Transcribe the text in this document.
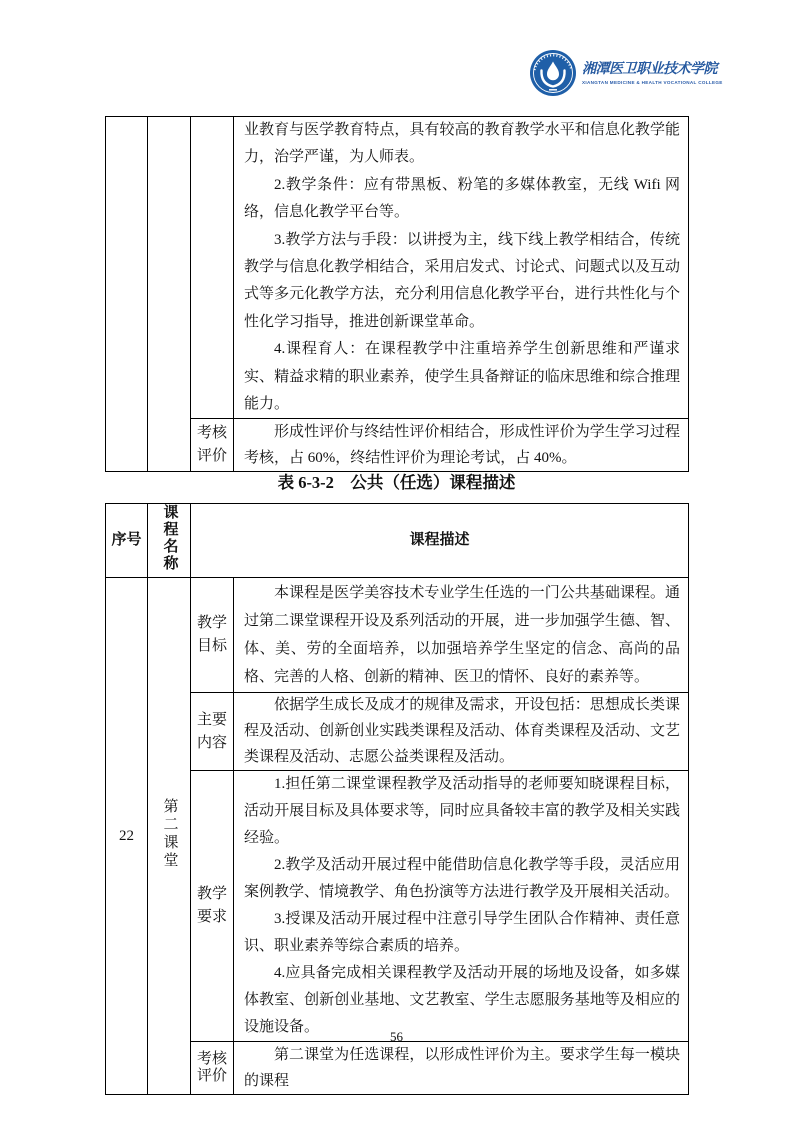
湘潭医卫职业技术学院
XIANGTAN MEDICINE & HEALTH VOCATIONAL COLLEGE

			业教育与医学教育特点，具有较高的教育教学水平和信息化教学能力，治学严谨，为人师表。

2.教学条件：应有带黑板、粉笔的多媒体教室，无线 Wifi 网络，信息化教学平台等。

3.教学方法与手段：以讲授为主，线下线上教学相结合，传统教学与信息化教学相结合，采用启发式、讨论式、问题式以及互动式等多元化教学方法，充分利用信息化教学平台，进行共性化与个性化学习指导，推进创新课堂革命。

4.课程育人：在课程教学中注重培养学生创新思维和严谨求实、精益求精的职业素养，使学生具备辩证的临床思维和综合推理能力。

		考核评价	形成性评价与终结性评价相结合，形成性评价为学生学习过程考核，占 60%，终结性评价为理论考试，占 40%。

表 6-3-2　公共（任选）课程描述
序号	课程名称	课程描述	
22	第二课堂	教学目标	本课程是医学美容技术专业学生任选的一门公共基础课程。通过第二课堂课程开设及系列活动的开展，进一步加强学生德、智、体、美、劳的全面培养，以加强培养学生坚定的信念、高尚的品格、完善的人格、创新的精神、医卫的情怀、良好的素养等。

		主要内容	依据学生成长及成才的规律及需求，开设包括：思想成长类课程及活动、创新创业实践类课程及活动、体育类课程及活动、文艺类课程及活动、志愿公益类课程及活动。

		教学要求	1.担任第二课堂课程教学及活动指导的老师要知晓课程目标，活动开展目标及具体要求等，同时应具备较丰富的教学及相关实践经验。

2.教学及活动开展过程中能借助信息化教学等手段，灵活应用案例教学、情境教学、角色扮演等方法进行教学及开展相关活动。

3.授课及活动开展过程中注意引导学生团队合作精神、责任意识、职业素养等综合素质的培养。

4.应具备完成相关课程教学及活动开展的场地及设备，如多媒体教室、创新创业基地、文艺教室、学生志愿服务基地等及相应的设施设备。

		考核评价	第二课堂为任选课程，以形成性评价为主。要求学生每一模块的课程

56
